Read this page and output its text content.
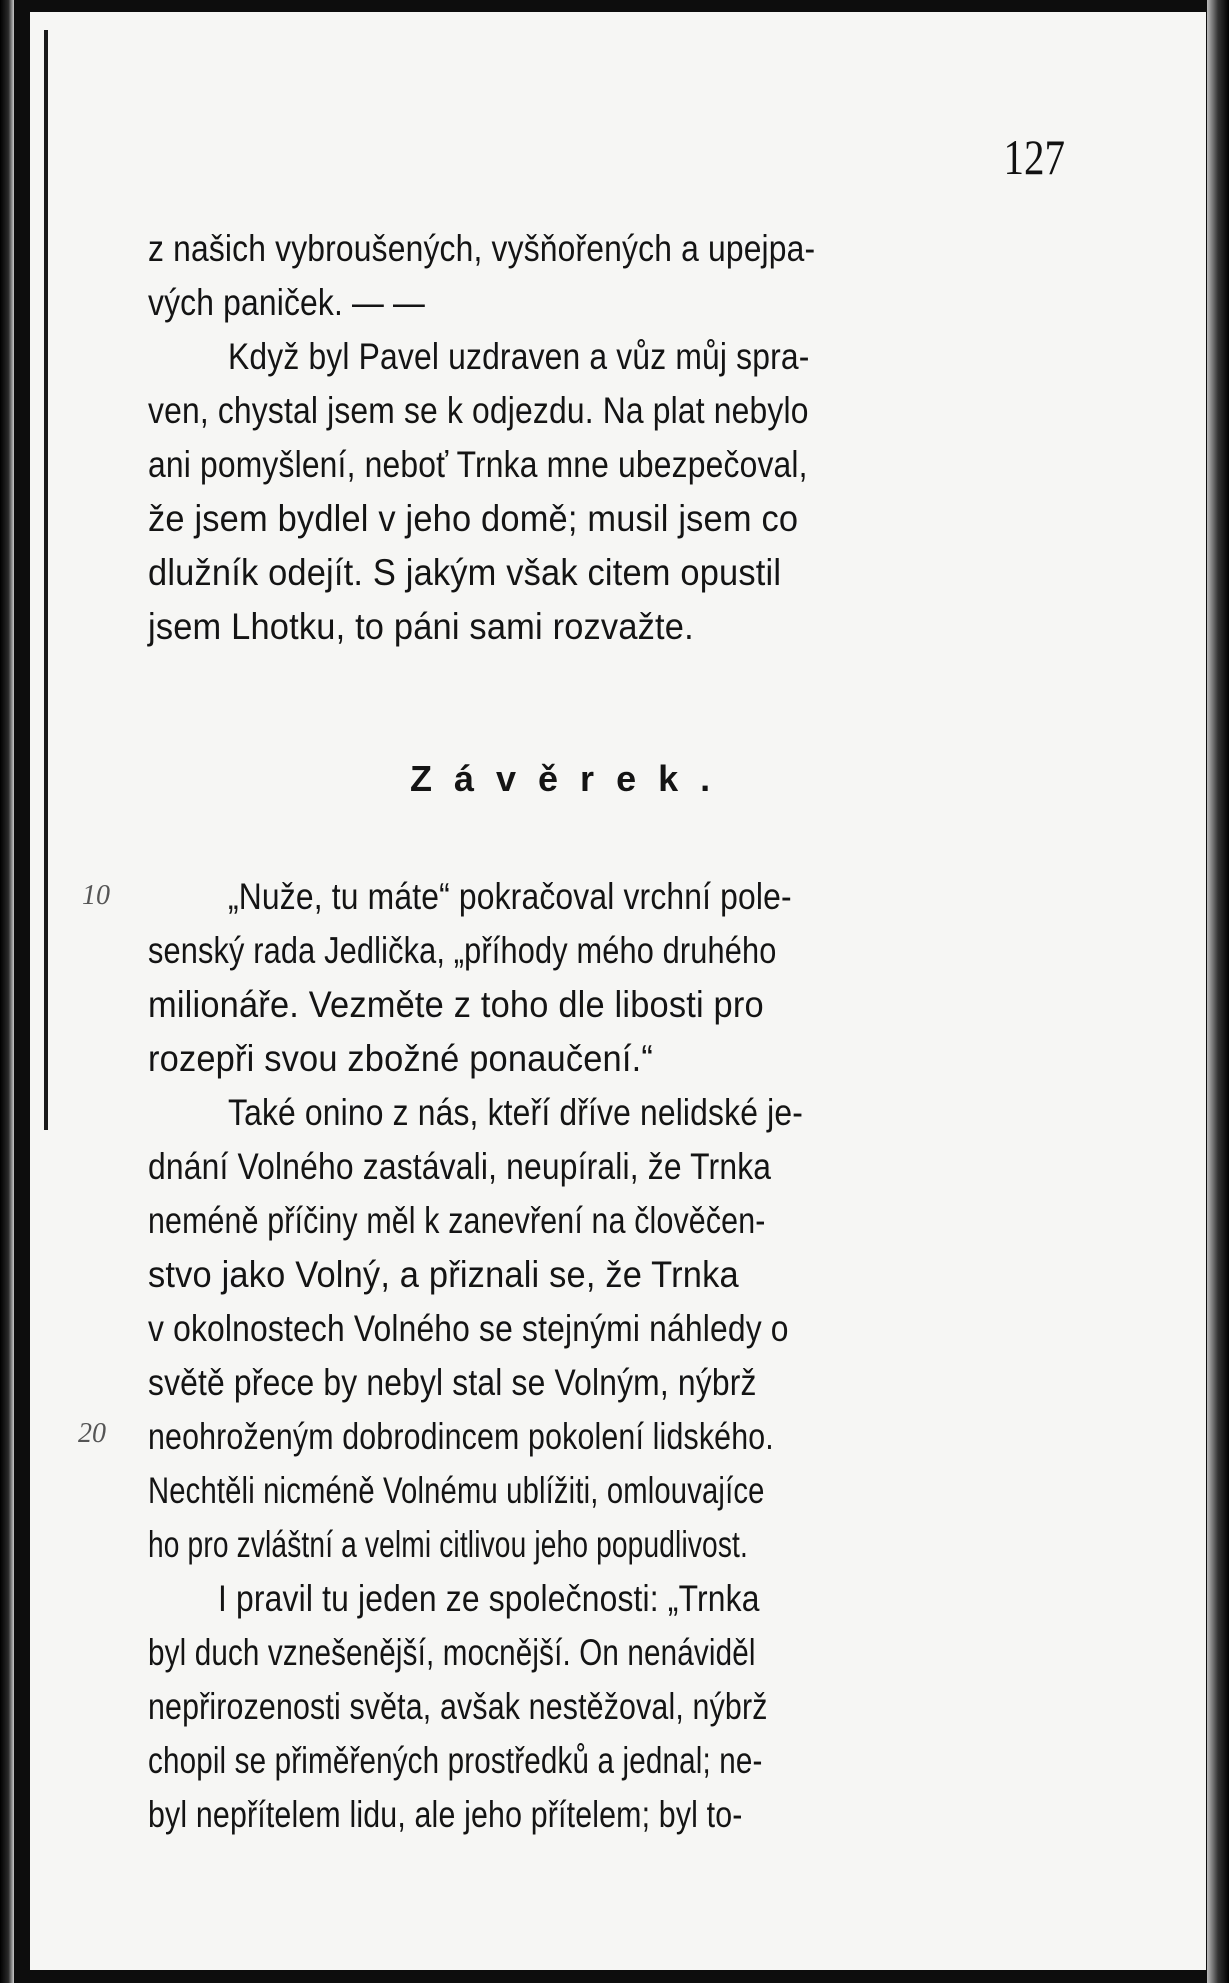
127
z našich vybroušených, vyšňořených a upejpa-
vých paniček. — —
Když byl Pavel uzdraven a vůz můj spra-
ven, chystal jsem se k odjezdu. Na plat nebylo
ani pomyšlení, neboť Trnka mne ubezpečoval,
že jsem bydlel v jeho domě; musil jsem co
dlužník odejít. S jakým však citem opustil
jsem Lhotku, to páni sami rozvažte.
Závěrek.
10	„Nuže, tu máte“ pokračoval vrchní pole-
senský rada Jedlička, „příhody mého druhého
milionáře. Vezměte z toho dle libosti pro
rozepři svou zbožné ponaučení.“
Také onino z nás, kteří dříve nelidské je-
dnání Volného zastávali, neupírali, že Trnka
neméně příčiny měl k zanevření na člověčen-
stvo jako Volný, a přiznali se, že Trnka
v okolnostech Volného se stejnými náhledy o
světě přece by nebyl stal se Volným, nýbrž
20 neohroženým dobrodincem pokolení lidského.
Nechtěli nicméně Volnému ublížiti, omlouvajíce
ho pro zvláštní a velmi citlivou jeho popudlivost.
I pravil tu jeden ze společnosti: „Trnka
byl duch vznešenější, mocnější. On nenáviděl
nepřirozenosti světa, avšak nestěžoval, nýbrž
chopil se přiměřených prostředků a jednal; ne-
byl nepřítelem lidu, ale jeho přítelem; byl to-
